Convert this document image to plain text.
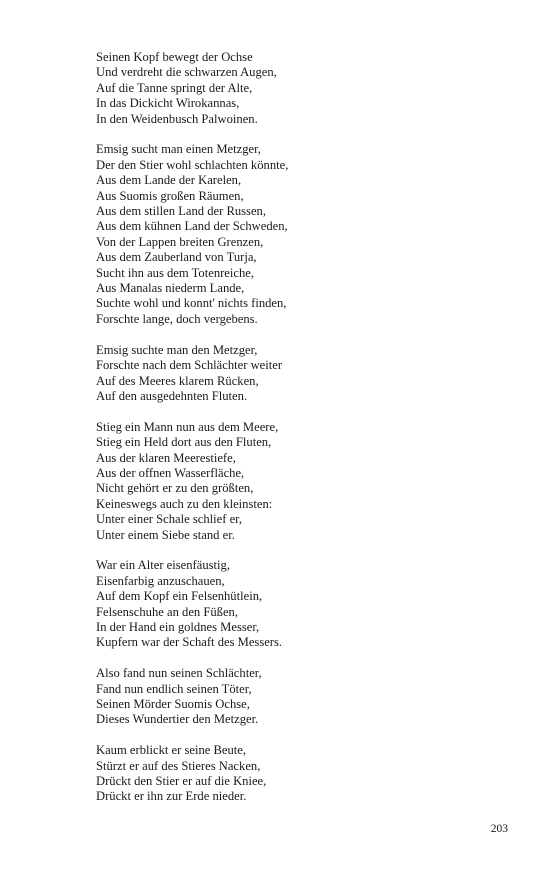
Seinen Kopf bewegt der Ochse
Und verdreht die schwarzen Augen,
Auf die Tanne springt der Alte,
In das Dickicht Wirokannas,
In den Weidenbusch Palwoinen.
Emsig sucht man einen Metzger,
Der den Stier wohl schlachten könnte,
Aus dem Lande der Karelen,
Aus Suomis großen Räumen,
Aus dem stillen Land der Russen,
Aus dem kühnen Land der Schweden,
Von der Lappen breiten Grenzen,
Aus dem Zauberland von Turja,
Sucht ihn aus dem Totenreiche,
Aus Manalas niederm Lande,
Suchte wohl und konnt' nichts finden,
Forschte lange, doch vergebens.
Emsig suchte man den Metzger,
Forschte nach dem Schlächter weiter
Auf des Meeres klarem Rücken,
Auf den ausgedehnten Fluten.
Stieg ein Mann nun aus dem Meere,
Stieg ein Held dort aus den Fluten,
Aus der klaren Meerestiefe,
Aus der offnen Wasserfläche,
Nicht gehört er zu den größten,
Keineswegs auch zu den kleinsten:
Unter einer Schale schlief er,
Unter einem Siebe stand er.
War ein Alter eisenfäustig,
Eisenfarbig anzuschauen,
Auf dem Kopf ein Felsenhütlein,
Felsenschuhe an den Füßen,
In der Hand ein goldnes Messer,
Kupfern war der Schaft des Messers.
Also fand nun seinen Schlächter,
Fand nun endlich seinen Töter,
Seinen Mörder Suomis Ochse,
Dieses Wundertier den Metzger.
Kaum erblickt er seine Beute,
Stürzt er auf des Stieres Nacken,
Drückt den Stier er auf die Kniee,
Drückt er ihn zur Erde nieder.
203
